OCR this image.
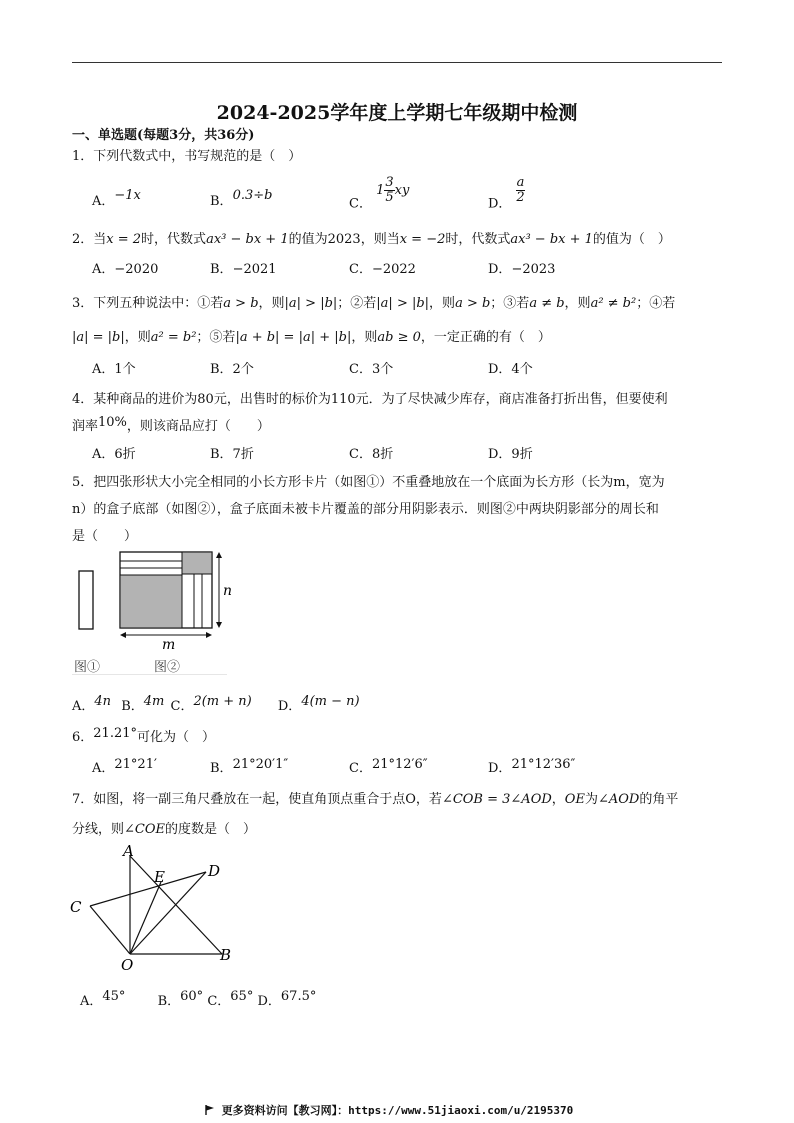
2024-2025学年度上学期七年级期中检测
一、单选题(每题3分，共36分)
1．下列代数式中，书写规范的是（　）
A．−1x	B．0.3÷b
C． $1 \frac{3}{5}$ xy
D． $\frac{a}{2}$
2．当x = 2时，代数式ax³ − bx + 1的值为2023，则当x = −2时，代数式ax³ − bx + 1的值为（　）
A．−2020	B．−2021	C．−2022	D．−2023
3．下列五种说法中：①若a > b，则|a| > |b|；②若|a| > |b|，则a > b；③若a ≠ b，则a² ≠ b²；④若
|a| = |b|，则a² = b²；⑤若|a + b| = |a| + |b|，则ab ≥ 0，一定正确的有（　）
A．1个	B．2个	C．3个	D．4个
4．某种商品的进价为80元，出售时的标价为110元．为了尽快减少库存，商店准备打折出售，但要使利
润率10%，则该商品应打（　　）
A．6折	B．7折	C．8折	D．9折
5．把四张形状大小完全相同的小长方形卡片（如图①）不重叠地放在一个底面为长方形（长为m，宽为
n）的盒子底部（如图②），盒子底面未被卡片覆盖的部分用阴影表示．则图②中两块阴影部分的周长和
是（　　）
n
m
图①	图②
A．4n B．4m C．2(m + n) D．4(m − n)
6．21.21°可化为（　）
A．21°21′	B．21°20′1″	C．21°12′6″	D．21°12′36″
7．如图，将一副三角尺叠放在一起，使直角顶点重合于点O，若∠COB = 3∠AOD，OE为∠AOD的角平
分线，则∠COE的度数是（　）
A
E	D
C
O
B
A．45° B．60° C．65° D．67.5°
更多资料访问【教习网】：https://www.51jiaoxi.com/u/2195370
